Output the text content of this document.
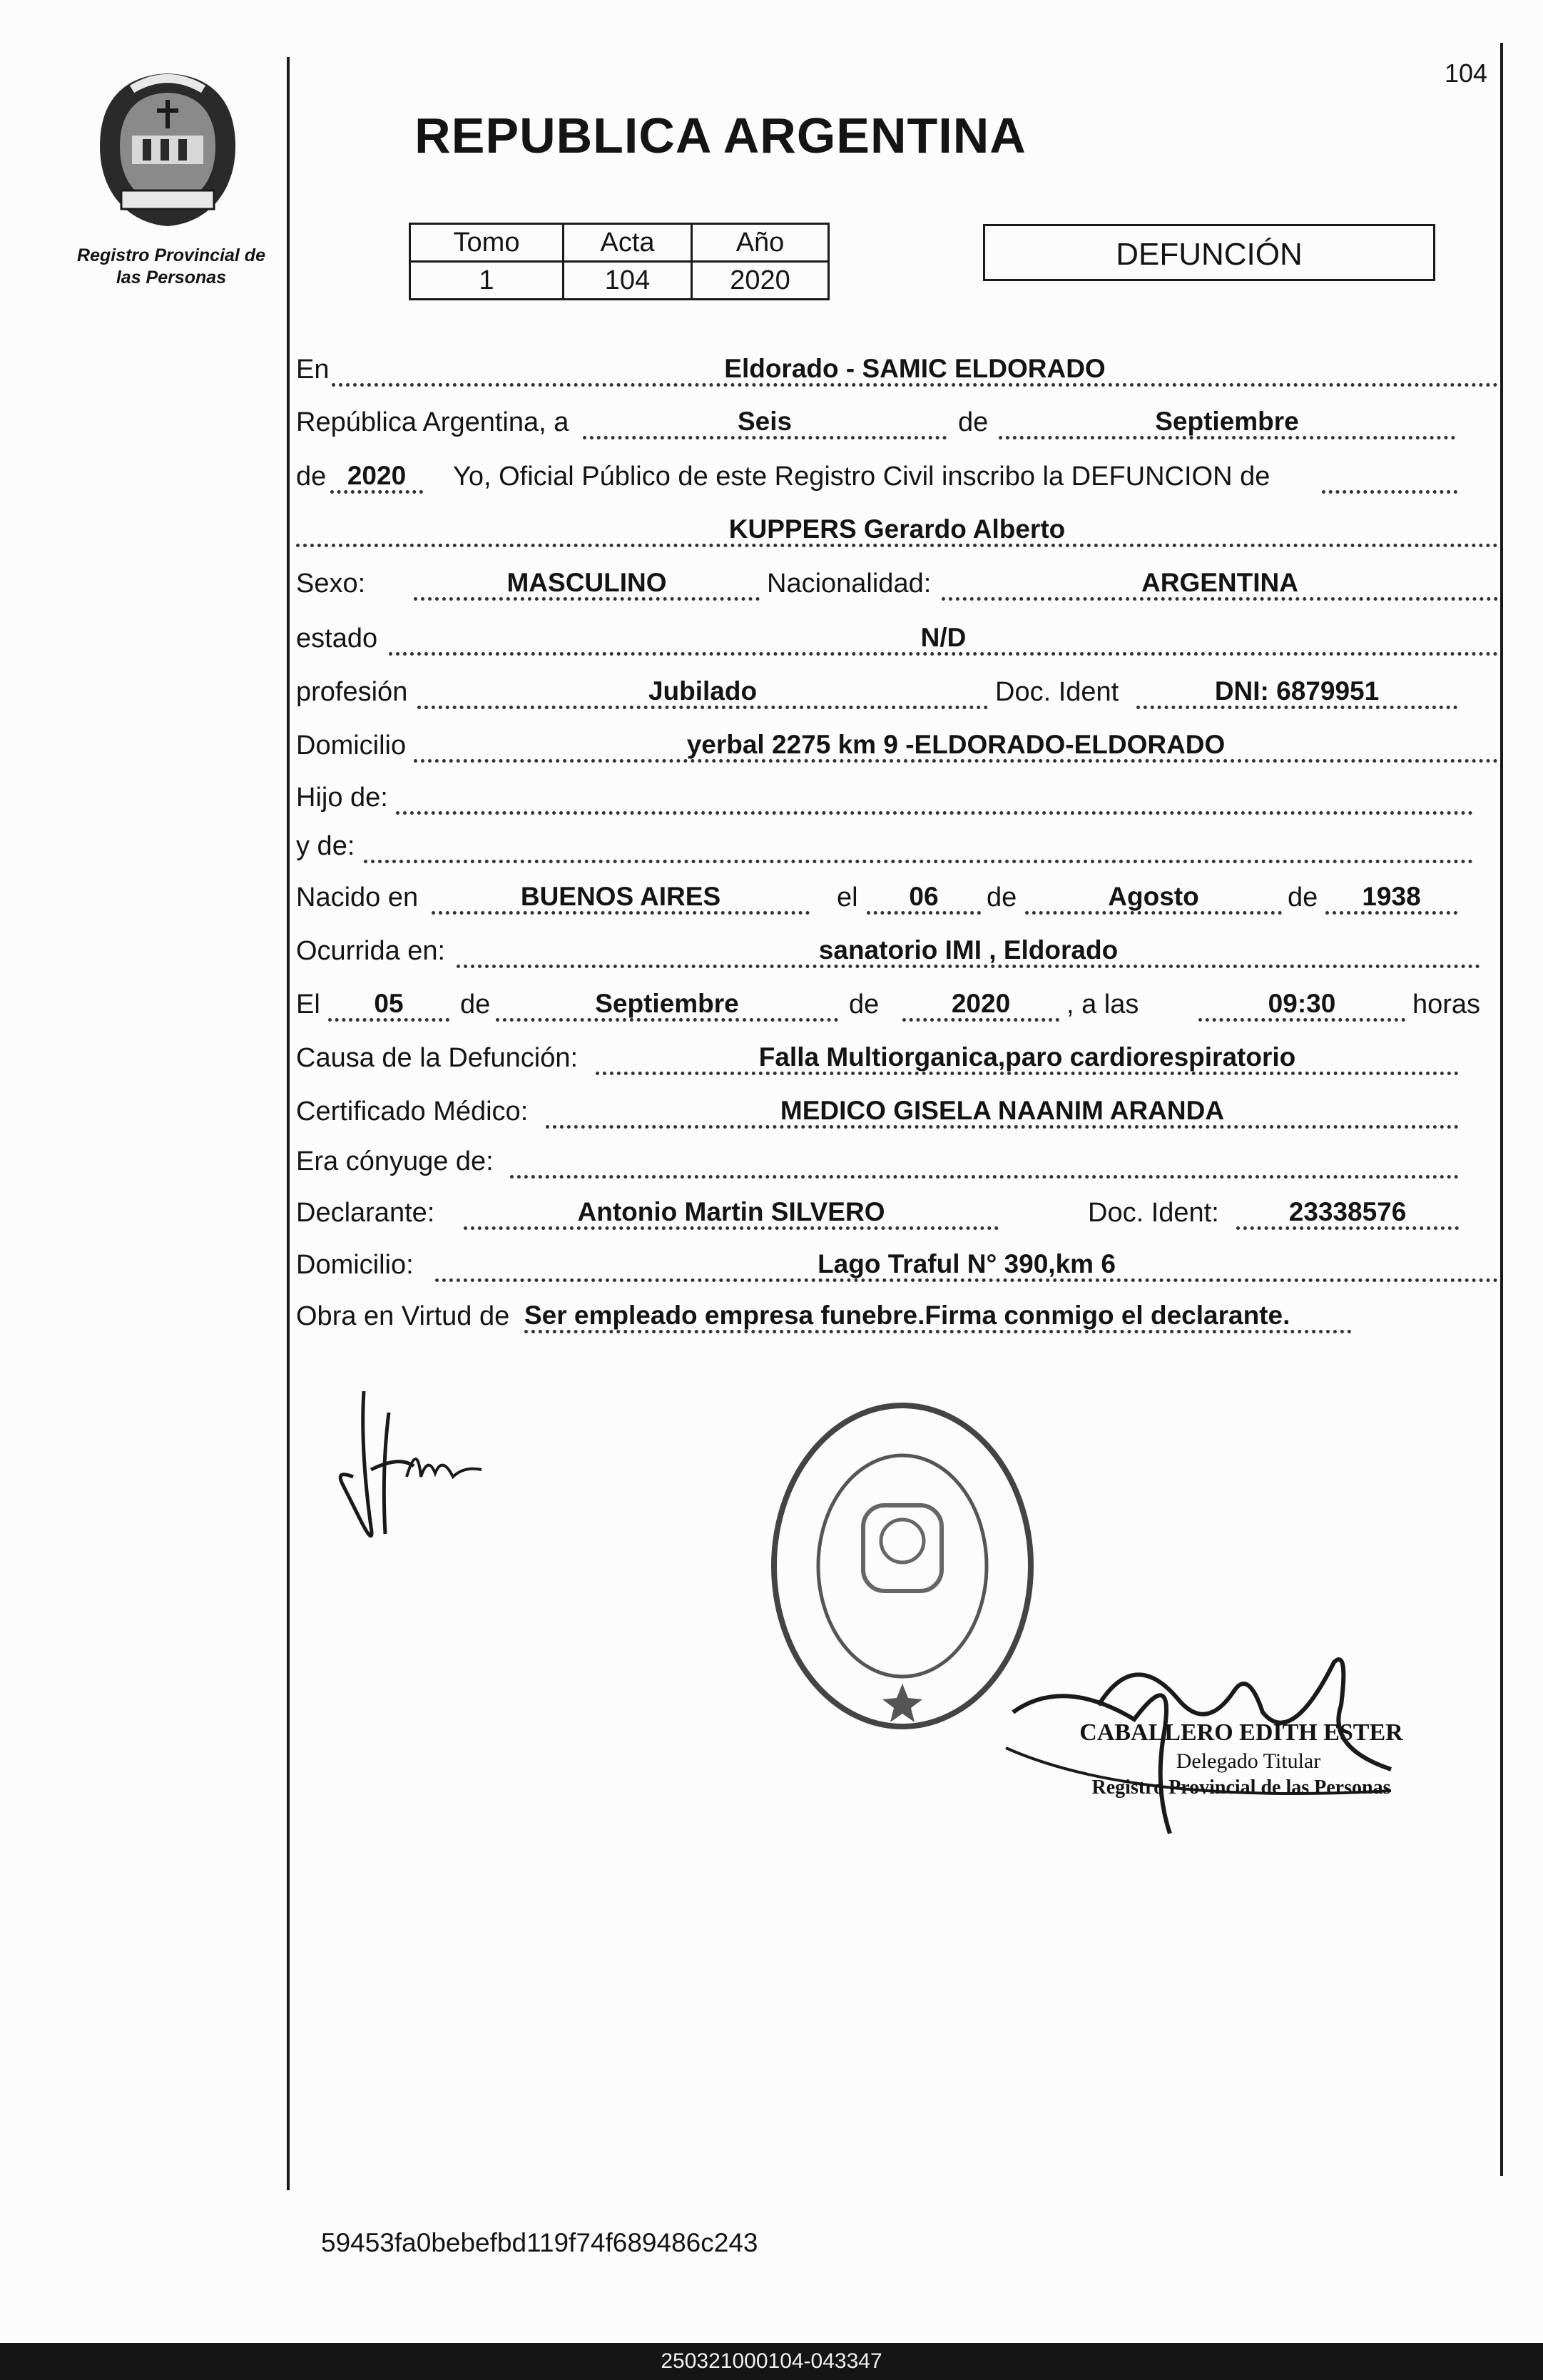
104
Registro Provincial de las Personas
REPUBLICA ARGENTINA
Tomo	Acta	Año
1	104	2020
DEFUNCIÓN
En	Eldorado - SAMIC ELDORADO
República Argentina, a	Seis	de	Septiembre
de 2020	Yo, Oficial Público de este Registro Civil inscribo la DEFUNCION de
KUPPERS Gerardo Alberto
Sexo:	MASCULINO	Nacionalidad:	ARGENTINA
estado	N/D
profesión	Jubilado	Doc. Ident	DNI: 6879951
Domicilio	yerbal 2275 km 9 -ELDORADO-ELDORADO
Hijo de:
y de:
Nacido en	BUENOS AIRES	el	06	de	Agosto	de	1938
Ocurrida en:	sanatorio IMI , Eldorado
El	05	de	Septiembre	de	2020	, a las	09:30	horas
Causa de la Defunción:	Falla Multiorganica,paro cardiorespiratorio
Certificado Médico:	MEDICO GISELA NAANIM ARANDA
Era cónyuge de:
Declarante:	Antonio Martin SILVERO	Doc. Ident:	23338576
Domicilio:	Lago Traful N° 390,km 6
Obra en Virtud de Ser empleado empresa funebre.Firma conmigo el declarante.
CABALLERO EDITH ESTER
Delegado Titular
Registro Provincial de las Personas
59453fa0bebefbd119f74f689486c243
250321000104-043347
